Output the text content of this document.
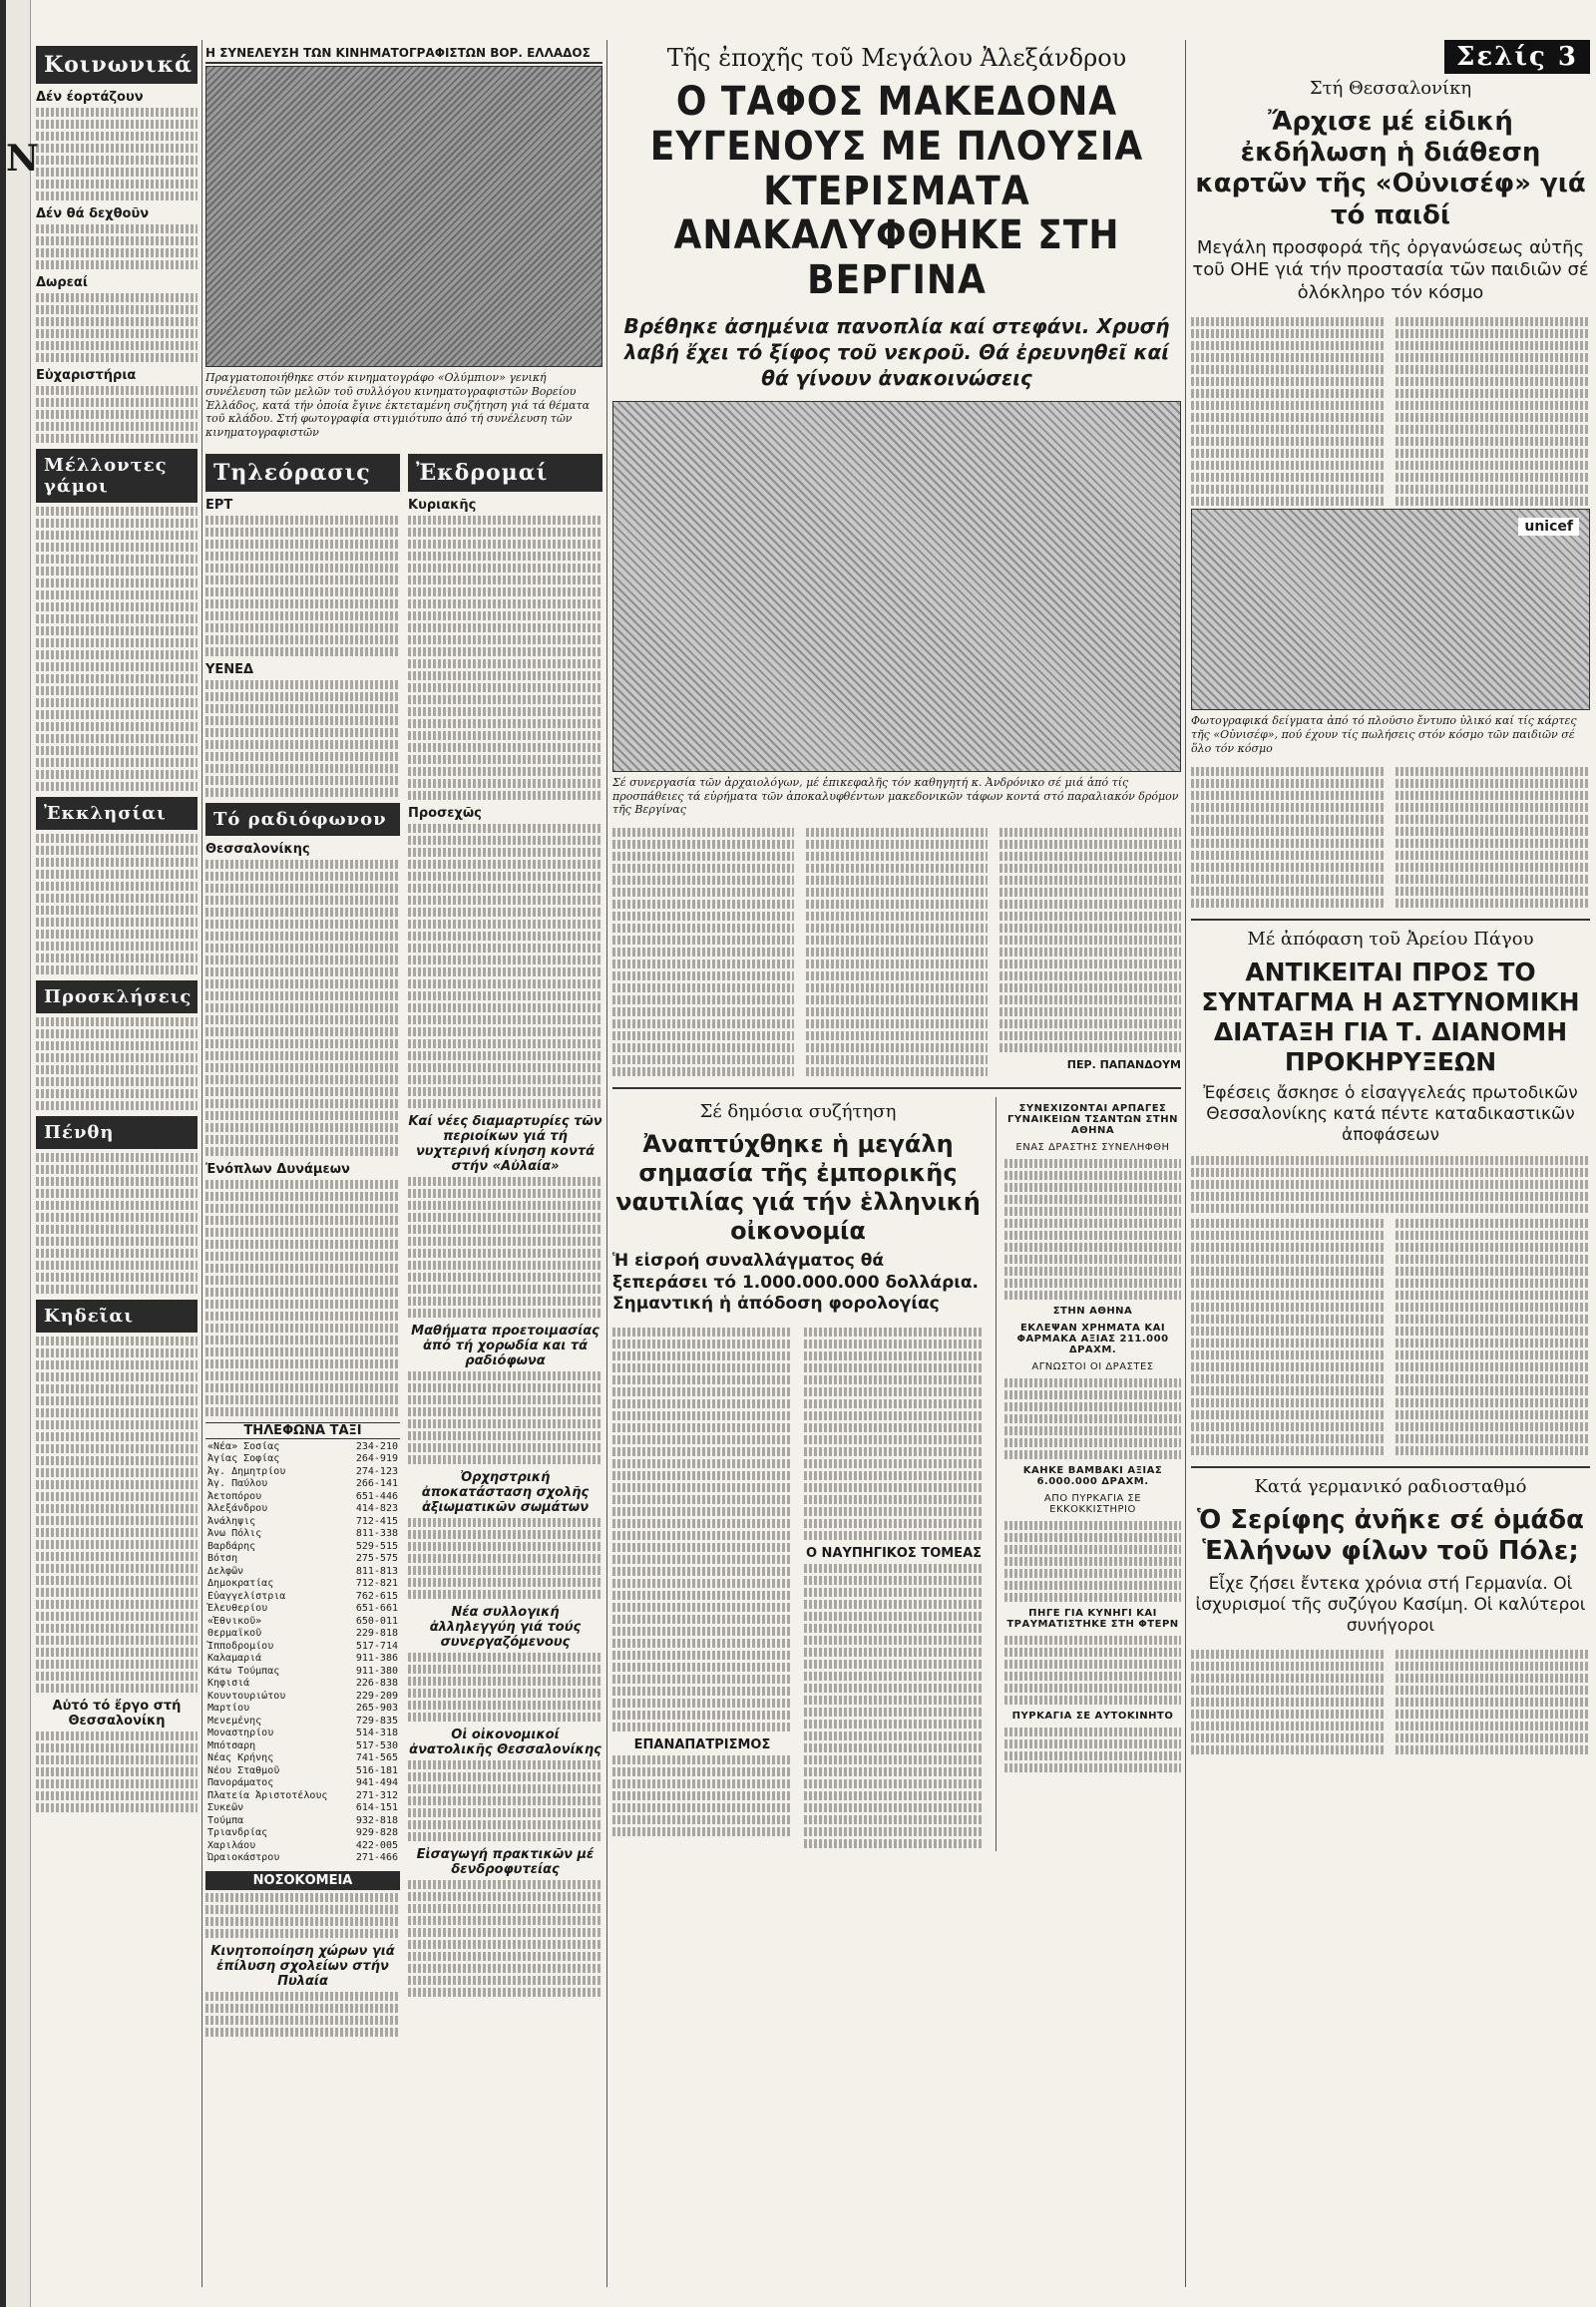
N
Κοινωνικά
Δέν έορτάζουν
Δέν θά δεχθοῦν
Δωρεαί
Εὐχαριστήρια
Μέλλοντες γάμοι
Ἐκκλησίαι
Προσκλήσεις
Πένθη
Κηδεῖαι
Αὐτό τό ἔργο στή Θεσσαλονίκη
Η ΣΥΝΕΛΕΥΣΗ ΤΩΝ ΚΙΝΗΜΑΤΟΓΡΑΦΙΣΤΩΝ ΒΟΡ. ΕΛΛΑΔΟΣ
Πραγματοποιήθηκε στόν κινηματογράφο «Ολύμπιον» γενική συνέλευση τῶν μελῶν τοῦ συλλόγου κινηματογραφιστῶν Βορείου Ἑλλάδος, κατά τήν ὁποία ἔγινε ἐκτεταμένη συζήτηση γιά τά θέματα τοῦ κλάδου. Στή φωτογραφία στιγμιότυπο ἀπό τή συνέλευση τῶν κινηματογραφιστῶν
Τηλεόρασις
ΕΡΤ
ΥΕΝΕΔ
Τό ραδιόφωνον
Θεσσαλονίκης
Ἐνόπλων Δυνάμεων
ΤΗΛΕΦΩΝΑ ΤΑΞΙ
«Νέα» Σοσίας	234-210
Ἀγίας Σοφίας	264-919
Ἀγ. Δημητρίου	274-123
Ἀγ. Παύλου	266-141
Ἀετοπόρου	651-446
Ἀλεξάνδρου	414-823
Ἀνάληψις	712-415
Ἀνω Πόλις	811-338
Βαρδάρης	529-515
Βότση	275-575
Δελφῶν	811-813
Δημοκρατίας	712-821
Εὐαγγελίστρια	762-615
Ἐλευθερίου	651-661
«Ἐθνικοῦ»	650-011
Θερμαϊκοῦ	229-818
Ἱπποδρομίου	517-714
Καλαμαριά	911-386
Κάτω Τούμπας	911-380
Κηφισιά	226-838
Κουντουριώτου	229-209
Μαρτίου	265-903
Μενεμένης	729-835
Μοναστηρίου	514-318
Μπότσαρη	517-530
Νέας Κρήνης	741-565
Νέου Σταθμοῦ	516-181
Πανοράματος	941-494
Πλατεία Ἀριστοτέλους	271-312
Συκεῶν	614-151
Τούμπα	932-818
Τριανδρίας	929-828
Χαριλάου	422-005
Ὠραιοκάστρου	271-466
ΝΟΣΟΚΟΜΕΙΑ
Κινητοποίηση χώρων γιά ἐπίλυση σχολείων στήν Πυλαία
Ἐκδρομαί
Κυριακῆς
Προσεχῶς
Καί νέες διαμαρτυρίες τῶν περιοίκων γιά τή νυχτερινή κίνηση κοντά στήν «Αὐλαία»
Μαθήματα προετοιμασίας ἀπό τή χορωδία και τά ραδιόφωνα
Ὀρχηστρική ἀποκατάσταση σχολῆς ἀξιωματικῶν σωμάτων
Νέα συλλογική ἀλληλεγγύη γιά τούς συνεργαζόμενους
Οἱ οἰκονομικοί ἀνατολικῆς Θεσσαλονίκης
Εἰσαγωγή πρακτικῶν μέ δενδροφυτείας
Τῆς ἐποχῆς τοῦ Μεγάλου Ἀλεξάνδρου
Ο ΤΑΦΟΣ ΜΑΚΕΔΟΝΑ ΕΥΓΕΝΟΥΣ ΜΕ ΠΛΟΥΣΙΑ ΚΤΕΡΙΣΜΑΤΑ ΑΝΑΚΑΛΥΦΘΗΚΕ ΣΤΗ ΒΕΡΓΙΝΑ
Βρέθηκε ἀσημένια πανοπλία καί στεφάνι. Χρυσή λαβή ἔχει τό ξίφος τοῦ νεκροῦ. Θά ἐρευνηθεῖ καί θά γίνουν ἀνακοινώσεις
Σέ συνεργασία τῶν ἀρχαιολόγων, μέ ἐπικεφαλῆς τόν καθηγητή κ. Ἀνδρόνικο σέ μιά ἀπό τίς προσπάθειες τά εὑρήματα τῶν ἀποκαλυφθέντων μακεδονικῶν τάφων κοντά στό παραλιακόν δρόμον τῆς Βεργίνας
ΠΕΡ. ΠΑΠΑΝΔΟΥΜ
Σέ δημόσια συζήτηση
Ἀναπτύχθηκε ἡ μεγάλη σημασία τῆς ἐμπορικῆς ναυτιλίας γιά τήν ἑλληνική οἰκονομία
Ἡ εἰσροή συναλλάγματος θά ξεπεράσει τό 1.000.000.000 δολλάρια. Σημαντική ἡ ἀπόδοση φορολογίας
ΕΠΑΝΑΠΑΤΡΙΣΜΟΣ
Ο ΝΑΥΠΗΓΙΚΟΣ ΤΟΜΕΑΣ
ΣΥΝΕΧΙΖΟΝΤΑΙ ΑΡΠΑΓΕΣ ΓΥΝΑΙΚΕΙΩΝ ΤΣΑΝΤΩΝ ΣΤΗΝ ΑΘΗΝΑ
ΕΝΑΣ ΔΡΑΣΤΗΣ ΣΥΝΕΛΗΦΘΗ
ΣΤΗΝ ΑΘΗΝΑ
ΕΚΛΕΨΑΝ ΧΡΗΜΑΤΑ ΚΑΙ ΦΑΡΜΑΚΑ ΑΞΙΑΣ 211.000 ΔΡΑΧΜ.
ΑΓΝΩΣΤΟΙ ΟΙ ΔΡΑΣΤΕΣ
ΚΑΗΚΕ ΒΑΜΒΑΚΙ ΑΞΙΑΣ 6.000.000 ΔΡΑΧΜ.
ΑΠΟ ΠΥΡΚΑΓΙΑ ΣΕ ΕΚΚΟΚΚΙΣΤΗΡΙΟ
ΠΗΓΕ ΓΙΑ ΚΥΝΗΓΙ ΚΑΙ ΤΡΑΥΜΑΤΙΣΤΗΚΕ ΣΤΗ ΦΤΕΡΝ
ΠΥΡΚΑΓΙΑ ΣΕ ΑΥΤΟΚΙΝΗΤΟ
Σελίς 3
Στή Θεσσαλονίκη
Ἄρχισε μέ εἰδική ἐκδήλωση ἡ διάθεση καρτῶν τῆς «Οὐνισέφ» γιά τό παιδί
Μεγάλη προσφορά τῆς ὀργανώσεως αὐτῆς τοῦ ΟΗΕ γιά τήν προστασία τῶν παιδιῶν σέ ὁλόκληρο τόν κόσμο
unicef
Φωτογραφικά δείγματα ἀπό τό πλούσιο ἔντυπο ὑλικό καί τίς κάρτες τῆς «Οὐνισέφ», πού έχουν τίς πωλήσεις στόν κόσμο τῶν παιδιῶν σέ ὅλο τόν κόσμο
Μέ ἀπόφαση τοῦ Ἀρείου Πάγου
ΑΝΤΙΚΕΙΤΑΙ ΠΡΟΣ ΤΟ ΣΥΝΤΑΓΜΑ Η ΑΣΤΥΝΟΜΙΚΗ ΔΙΑΤΑΞΗ ΓΙΑ Τ. ΔΙΑΝΟΜΗ ΠΡΟΚΗΡΥΞΕΩΝ
Ἐφέσεις ἄσκησε ὁ εἰσαγγελεάς πρωτοδικῶν Θεσσαλονίκης κατά πέντε καταδικαστικῶν ἀποφάσεων
Κατά γερμανικό ραδιοσταθμό
Ὁ Σερίφης ἀνῆκε σέ ὁμάδα Ἑλλήνων φίλων τοῦ Πόλε;
Εἶχε ζήσει ἔντεκα χρόνια στή Γερμανία. Οἱ ἰσχυρισμοί τῆς συζύγου Κασίμη. Οἱ καλύτεροι συνήγοροι
